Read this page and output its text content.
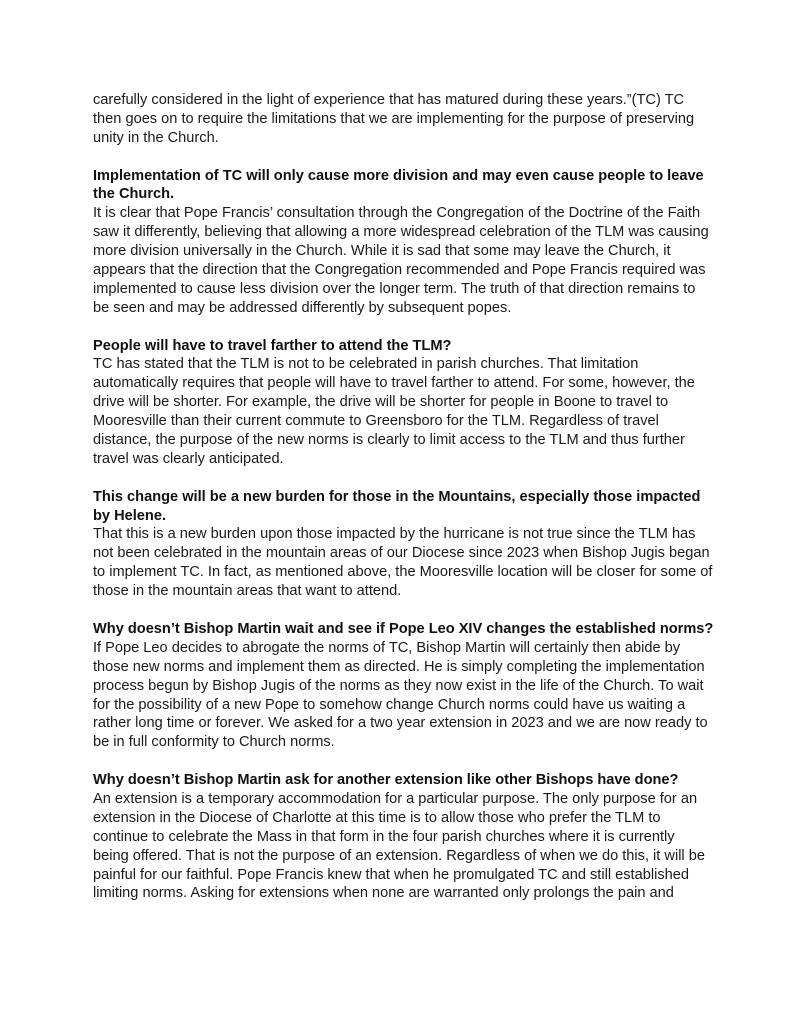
carefully considered in the light of experience that has matured during these years.”(TC) TC
then goes on to require the limitations that we are implementing for the purpose of preserving
unity in the Church.
Implementation of TC will only cause more division and may even cause people to leave
the Church.
It is clear that Pope Francis’ consultation through the Congregation of the Doctrine of the Faith
saw it differently, believing that allowing a more widespread celebration of the TLM was causing
more division universally in the Church. While it is sad that some may leave the Church, it
appears that the direction that the Congregation recommended and Pope Francis required was
implemented to cause less division over the longer term. The truth of that direction remains to
be seen and may be addressed differently by subsequent popes.
People will have to travel farther to attend the TLM?
TC has stated that the TLM is not to be celebrated in parish churches. That limitation
automatically requires that people will have to travel farther to attend. For some, however, the
drive will be shorter. For example, the drive will be shorter for people in Boone to travel to
Mooresville than their current commute to Greensboro for the TLM. Regardless of travel
distance, the purpose of the new norms is clearly to limit access to the TLM and thus further
travel was clearly anticipated.
This change will be a new burden for those in the Mountains, especially those impacted
by Helene.
That this is a new burden upon those impacted by the hurricane is not true since the TLM has
not been celebrated in the mountain areas of our Diocese since 2023 when Bishop Jugis began
to implement TC. In fact, as mentioned above, the Mooresville location will be closer for some of
those in the mountain areas that want to attend.
Why doesn’t Bishop Martin wait and see if Pope Leo XIV changes the established norms?
If Pope Leo decides to abrogate the norms of TC, Bishop Martin will certainly then abide by
those new norms and implement them as directed. He is simply completing the implementation
process begun by Bishop Jugis of the norms as they now exist in the life of the Church. To wait
for the possibility of a new Pope to somehow change Church norms could have us waiting a
rather long time or forever. We asked for a two year extension in 2023 and we are now ready to
be in full conformity to Church norms.
Why doesn’t Bishop Martin ask for another extension like other Bishops have done?
An extension is a temporary accommodation for a particular purpose. The only purpose for an
extension in the Diocese of Charlotte at this time is to allow those who prefer the TLM to
continue to celebrate the Mass in that form in the four parish churches where it is currently
being offered. That is not the purpose of an extension. Regardless of when we do this, it will be
painful for our faithful. Pope Francis knew that when he promulgated TC and still established
limiting norms. Asking for extensions when none are warranted only prolongs the pain and
